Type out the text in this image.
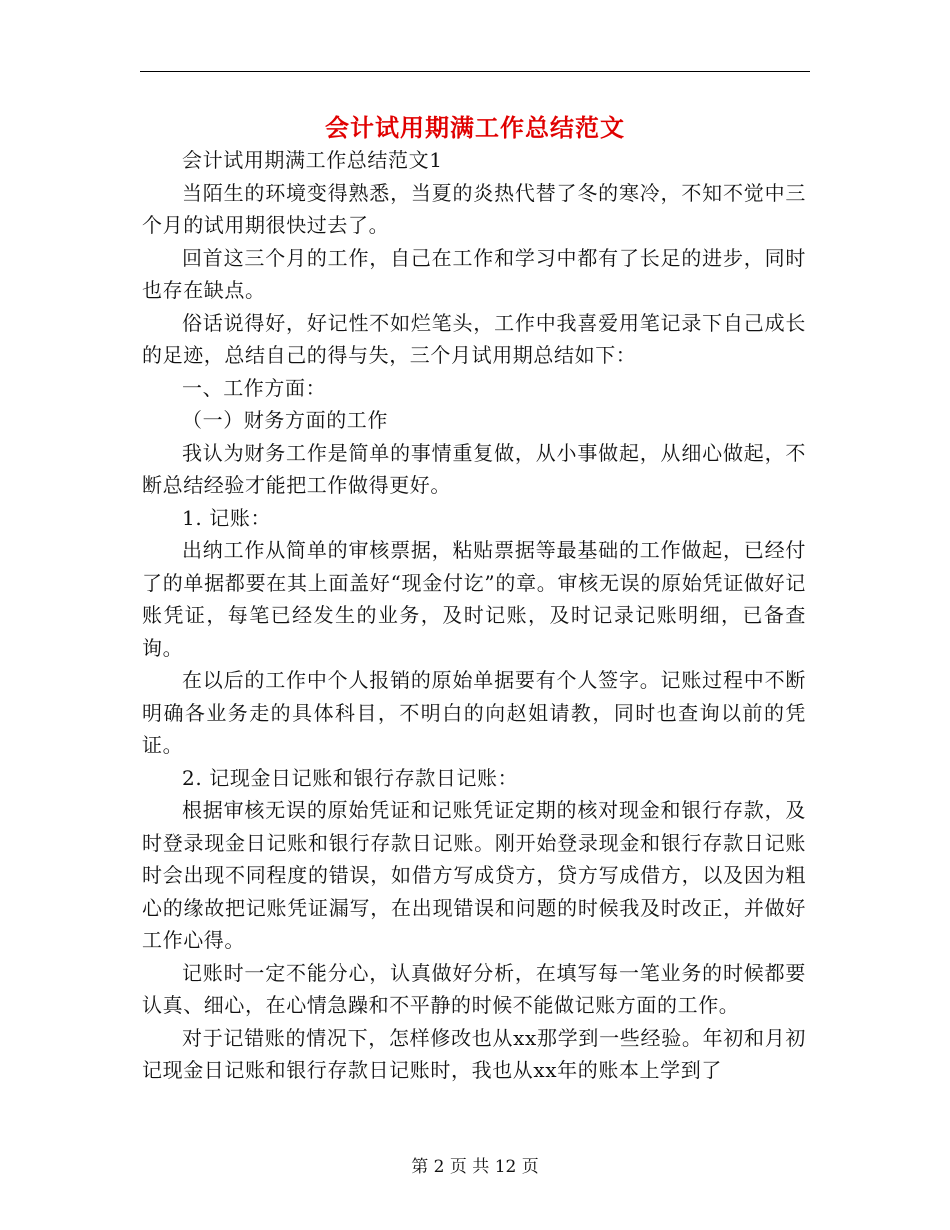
会计试用期满工作总结范文

会计试用期满工作总结范文1

当陌生的环境变得熟悉，当夏的炎热代替了冬的寒冷，不知不觉中三个月的试用期很快过去了。

回首这三个月的工作，自己在工作和学习中都有了长足的进步，同时也存在缺点。

俗话说得好，好记性不如烂笔头，工作中我喜爱用笔记录下自己成长的足迹，总结自己的得与失，三个月试用期总结如下：

一、工作方面：

（一）财务方面的工作

我认为财务工作是简单的事情重复做，从小事做起，从细心做起，不断总结经验才能把工作做得更好。

1. 记账：

出纳工作从简单的审核票据，粘贴票据等最基础的工作做起，已经付了的单据都要在其上面盖好“现金付讫”的章。审核无误的原始凭证做好记账凭证，每笔已经发生的业务，及时记账，及时记录记账明细，已备查询。

在以后的工作中个人报销的原始单据要有个人签字。记账过程中不断明确各业务走的具体科目，不明白的向赵姐请教，同时也查询以前的凭证。

2. 记现金日记账和银行存款日记账：

根据审核无误的原始凭证和记账凭证定期的核对现金和银行存款，及时登录现金日记账和银行存款日记账。刚开始登录现金和银行存款日记账时会出现不同程度的错误，如借方写成贷方，贷方写成借方，以及因为粗心的缘故把记账凭证漏写，在出现错误和问题的时候我及时改正，并做好工作心得。

记账时一定不能分心，认真做好分析，在填写每一笔业务的时候都要认真、细心，在心情急躁和不平静的时候不能做记账方面的工作。

对于记错账的情况下，怎样修改也从xx那学到一些经验。年初和月初记现金日记账和银行存款日记账时，我也从xx年的账本上学到了

第 2 页 共 12 页
